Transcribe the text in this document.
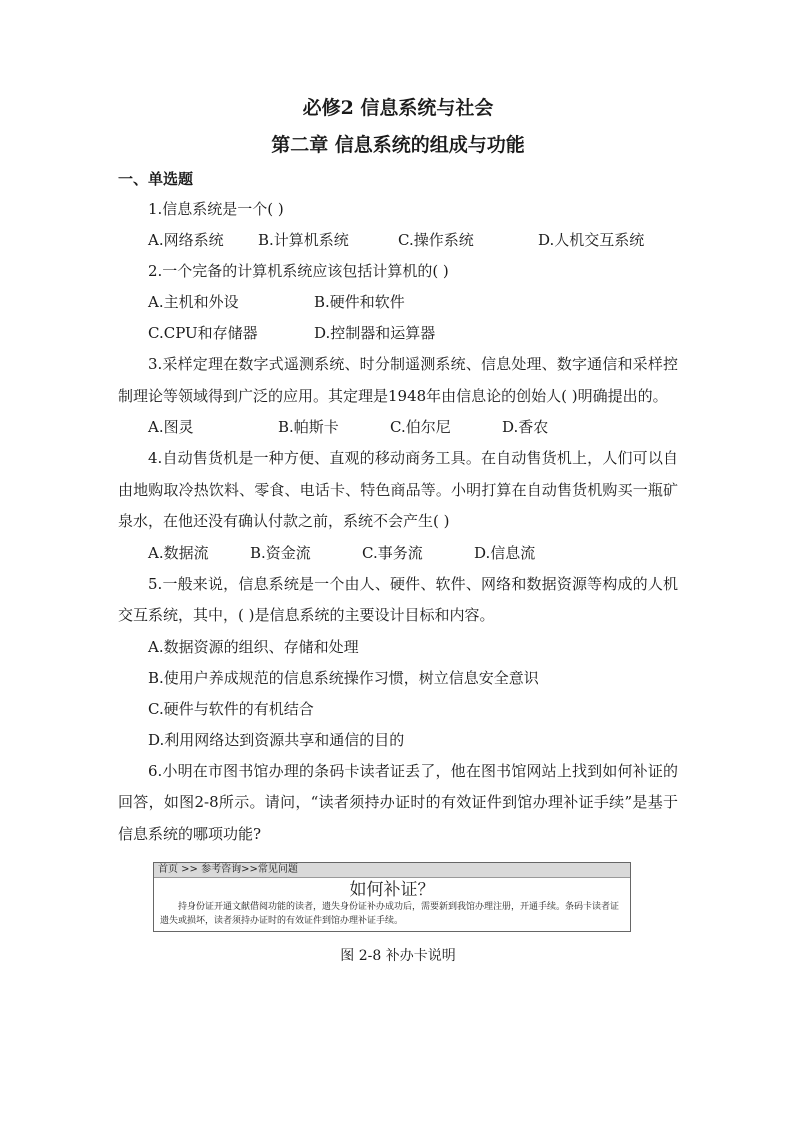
必修2 信息系统与社会

第二章 信息系统的组成与功能

一、单选题

1.信息系统是一个( )

A.网络系统	B.计算机系统	C.操作系统	D.人机交互系统

2.一个完备的计算机系统应该包括计算机的( )

A.主机和外设	B.硬件和软件
C.CPU和存储器	D.控制器和运算器

3.采样定理在数字式遥测系统、时分制遥测系统、信息处理、数字通信和采样控制理论等领域得到广泛的应用。其定理是1948年由信息论的创始人( )明确提出的。

A.图灵	B.帕斯卡	C.伯尔尼	D.香农

4.自动售货机是一种方便、直观的移动商务工具。在自动售货机上，人们可以自由地购取冷热饮料、零食、电话卡、特色商品等。小明打算在自动售货机购买一瓶矿泉水，在他还没有确认付款之前，系统不会产生( )

A.数据流	B.资金流	C.事务流	D.信息流

5.一般来说，信息系统是一个由人、硬件、软件、网络和数据资源等构成的人机交互系统，其中，( )是信息系统的主要设计目标和内容。

A.数据资源的组织、存储和处理

B.使用户养成规范的信息系统操作习惯，树立信息安全意识

C.硬件与软件的有机结合

D.利用网络达到资源共享和通信的目的

6.小明在市图书馆办理的条码卡读者证丢了，他在图书馆网站上找到如何补证的回答，如图2-8所示。请问，“读者须持办证时的有效证件到馆办理补证手续”是基于信息系统的哪项功能?

首页 >> 参考咨询>>常见问题
如何补证？
持身份证开通文献借阅功能的读者，遗失身份证补办成功后，需要新到我馆办理注册，开通手续。条码卡读者证遗失或损坏，读者须持办证时的有效证件到馆办理补证手续。
图 2-8 补办卡说明
